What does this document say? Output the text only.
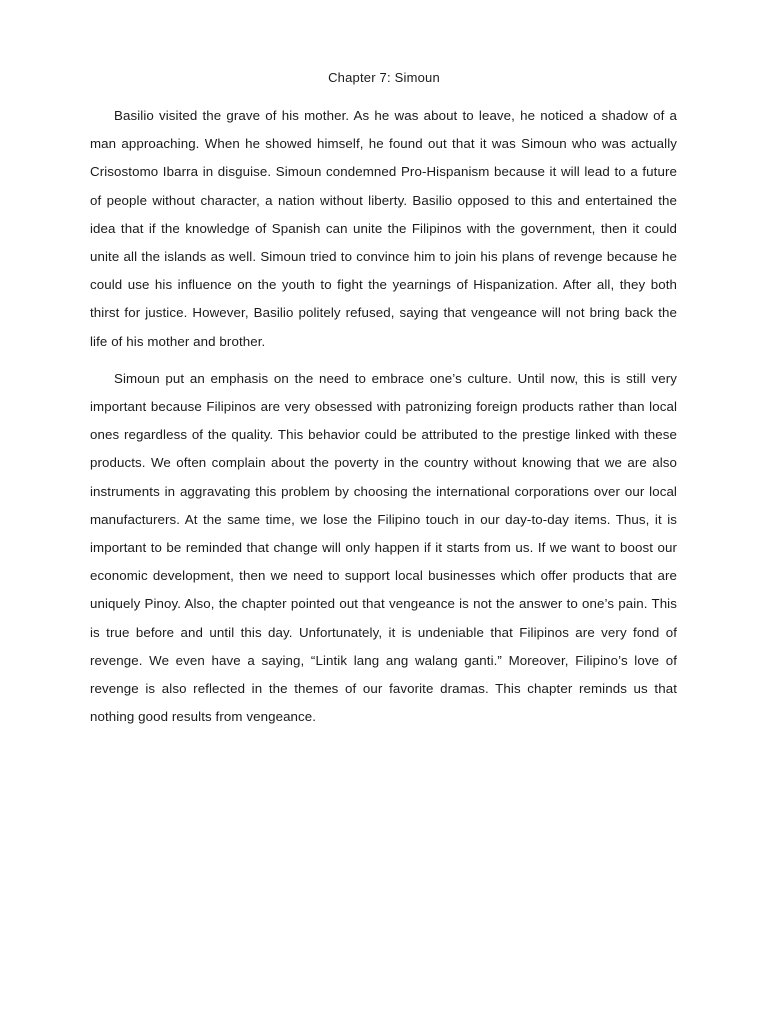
Chapter 7: Simoun

Basilio visited the grave of his mother. As he was about to leave, he noticed a shadow of a man approaching. When he showed himself, he found out that it was Simoun who was actually Crisostomo Ibarra in disguise. Simoun condemned Pro-Hispanism because it will lead to a future of people without character, a nation without liberty. Basilio opposed to this and entertained the idea that if the knowledge of Spanish can unite the Filipinos with the government, then it could unite all the islands as well. Simoun tried to convince him to join his plans of revenge because he could use his influence on the youth to fight the yearnings of Hispanization. After all, they both thirst for justice. However, Basilio politely refused, saying that vengeance will not bring back the life of his mother and brother.

Simoun put an emphasis on the need to embrace one’s culture. Until now, this is still very important because Filipinos are very obsessed with patronizing foreign products rather than local ones regardless of the quality. This behavior could be attributed to the prestige linked with these products. We often complain about the poverty in the country without knowing that we are also instruments in aggravating this problem by choosing the international corporations over our local manufacturers. At the same time, we lose the Filipino touch in our day-to-day items. Thus, it is important to be reminded that change will only happen if it starts from us. If we want to boost our economic development, then we need to support local businesses which offer products that are uniquely Pinoy. Also, the chapter pointed out that vengeance is not the answer to one’s pain. This is true before and until this day. Unfortunately, it is undeniable that Filipinos are very fond of revenge. We even have a saying, “Lintik lang ang walang ganti.” Moreover, Filipino’s love of revenge is also reflected in the themes of our favorite dramas. This chapter reminds us that nothing good results from vengeance.
